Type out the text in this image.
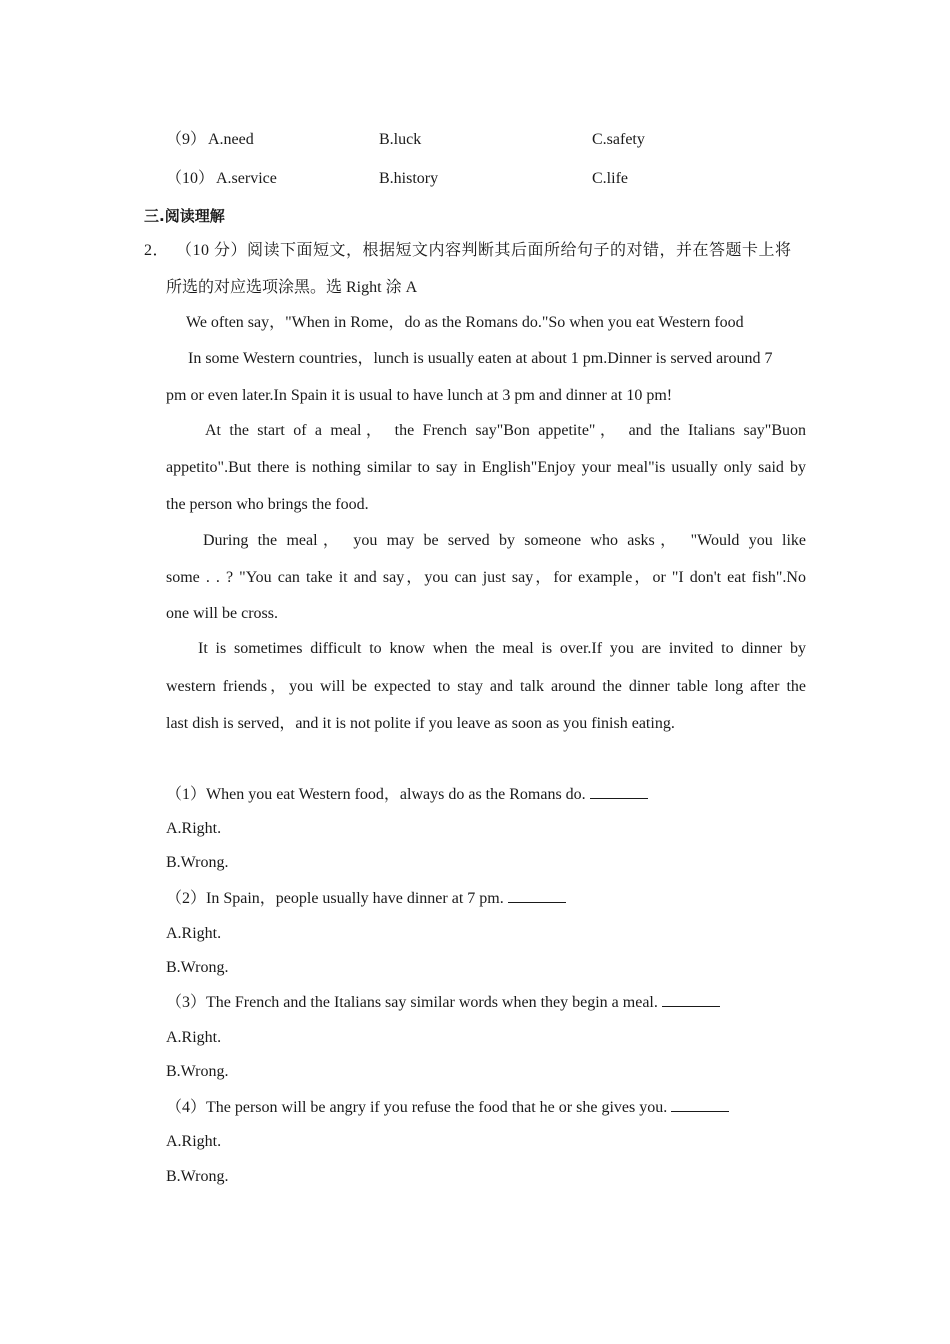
（9） A.need	B.luck	C.safety
（10） A.service	B.history	C.life
三.阅读理解
2． （10 分）阅读下面短文，根据短文内容判断其后面所给句子的对错，并在答题卡上将
所选的对应选项涂黑。选 Right 涂 A
We often say，"When in Rome，do as the Romans do."So when you eat Western food
In some Western countries，lunch is usually eaten at about 1 pm.Dinner is served around 7
pm or even later.In Spain it is usual to have lunch at 3 pm and dinner at 10 pm!
At the start of a meal， the French say"Bon appetite"， and the Italians say"Buon
appetito".But there is nothing similar to say in English"Enjoy your meal"is usually only said by
the person who brings the food.
During the meal， you may be served by someone who asks， "Would you like
some . . ? "You can take it and say，you can just say，for example，or "I don't eat fish".No
one will be cross.
It is sometimes difficult to know when the meal is over.If you are invited to dinner by
western friends，you will be expected to stay and talk around the dinner table long after the
last dish is served，and it is not polite if you leave as soon as you finish eating.
（1）When you eat Western food，always do as the Romans do.
A.Right.
B.Wrong.
（2）In Spain，people usually have dinner at 7 pm.
A.Right.
B.Wrong.
（3）The French and the Italians say similar words when they begin a meal.
A.Right.
B.Wrong.
（4）The person will be angry if you refuse the food that he or she gives you.
A.Right.
B.Wrong.
